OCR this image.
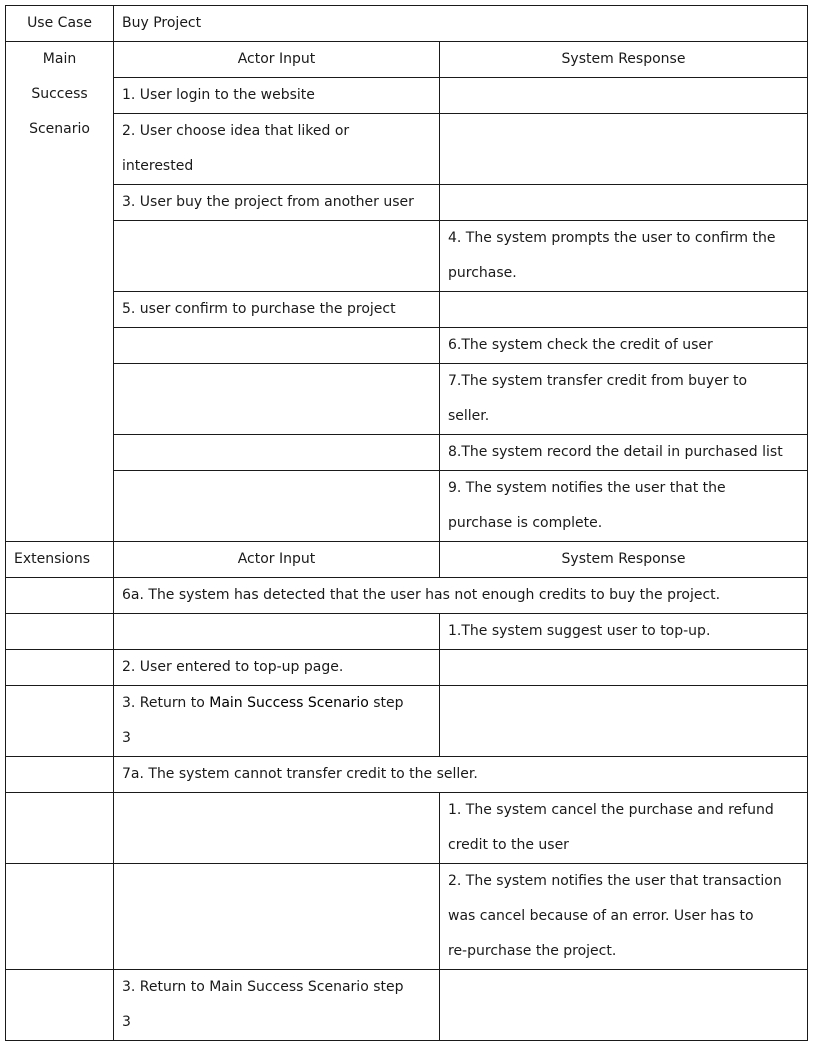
Use Case	Buy Project	

Main
Success
Scenario	Actor Input	System Response
	1. User login to the website	

	2. User choose idea that liked or
interested	

	3. User buy the project from another user	

		4. The system prompts the user to confirm the
purchase.

	5. user confirm to purchase the project	
		6.The system check the credit of user

		7.The system transfer credit from buyer to
seller.

		8.The system record the detail in purchased list

		9. The system notifies the user that the
purchase is complete.

Extensions	Actor Input	System Response
	6a. The system has detected that the user has not enough credits to buy the project.	
		1.The system suggest user to top-up.
	2. User entered to top-up page.	

	3. Return to Main Success Scenario step
3	

	7a. The system cannot transfer credit to the seller.	

		1. The system cancel the purchase and refund
credit to the user

		2. The system notifies the user that transaction
was cancel because of an error. User has to
re-purchase the project.

	3. Return to Main Success Scenario step
3	
